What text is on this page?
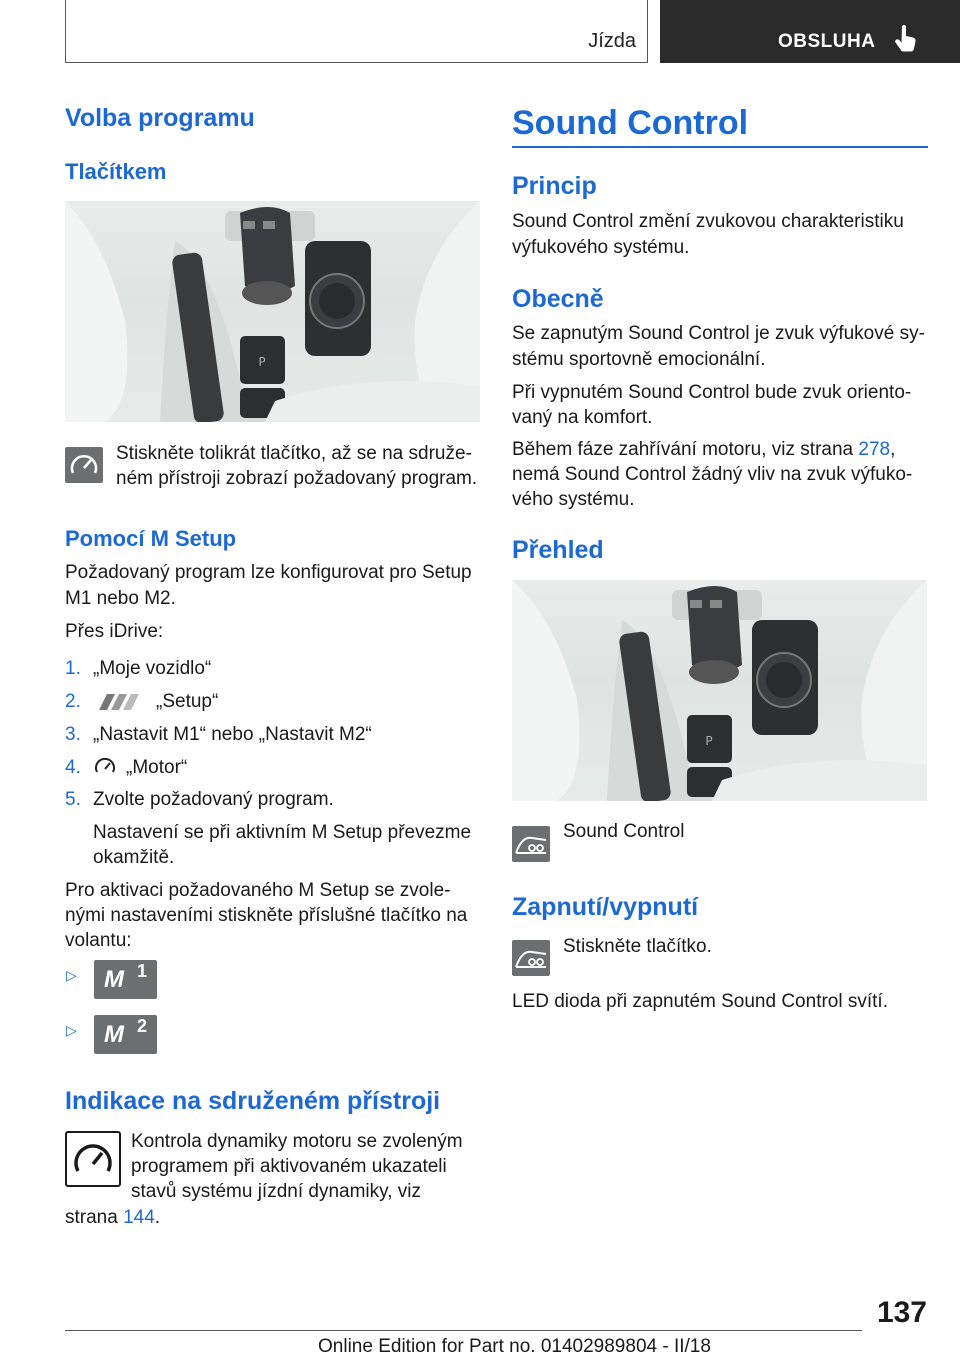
Jízda	OBSLUHA
Volba programu
Tlačítkem
P
Stiskněte tolikrát tlačítko, až se na sdruže‐
ném přístroji zobrazí požadovaný program.
Pomocí M Setup
Požadovaný program lze konfigurovat pro Setup
M1 nebo M2.
Přes iDrive:
1. „Moje vozidlo“
2.	„Setup“
3. „Nastavit M1“ nebo „Nastavit M2“
4. „Motor“
5. Zvolte požadovaný program.
Nastavení se při aktivním M Setup převezme
okamžitě.
Pro aktivaci požadovaného M Setup se zvole‐
nými nastaveními stiskněte příslušné tlačítko na
volantu:
▷ M 1
▷ M 2
Indikace na sdruženém přístroji
Kontrola dynamiky motoru se zvoleným
programem při aktivovaném ukazateli
stavů systému jízdní dynamiky, viz
strana 144.
Sound Control
Princip
Sound Control změní zvukovou charakteristiku
výfukového systému.
Obecně
Se zapnutým Sound Control je zvuk výfukové sy‐
stému sportovně emocionální.
Při vypnutém Sound Control bude zvuk oriento‐
vaný na komfort.
Během fáze zahřívání motoru, viz strana 278,
nemá Sound Control žádný vliv na zvuk výfuko‐
vého systému.
Přehled
P
Sound Control
Zapnutí/vypnutí
Stiskněte tlačítko.
LED dioda při zapnutém Sound Control svítí.
137
Online Edition for Part no. 01402989804 - II/18
